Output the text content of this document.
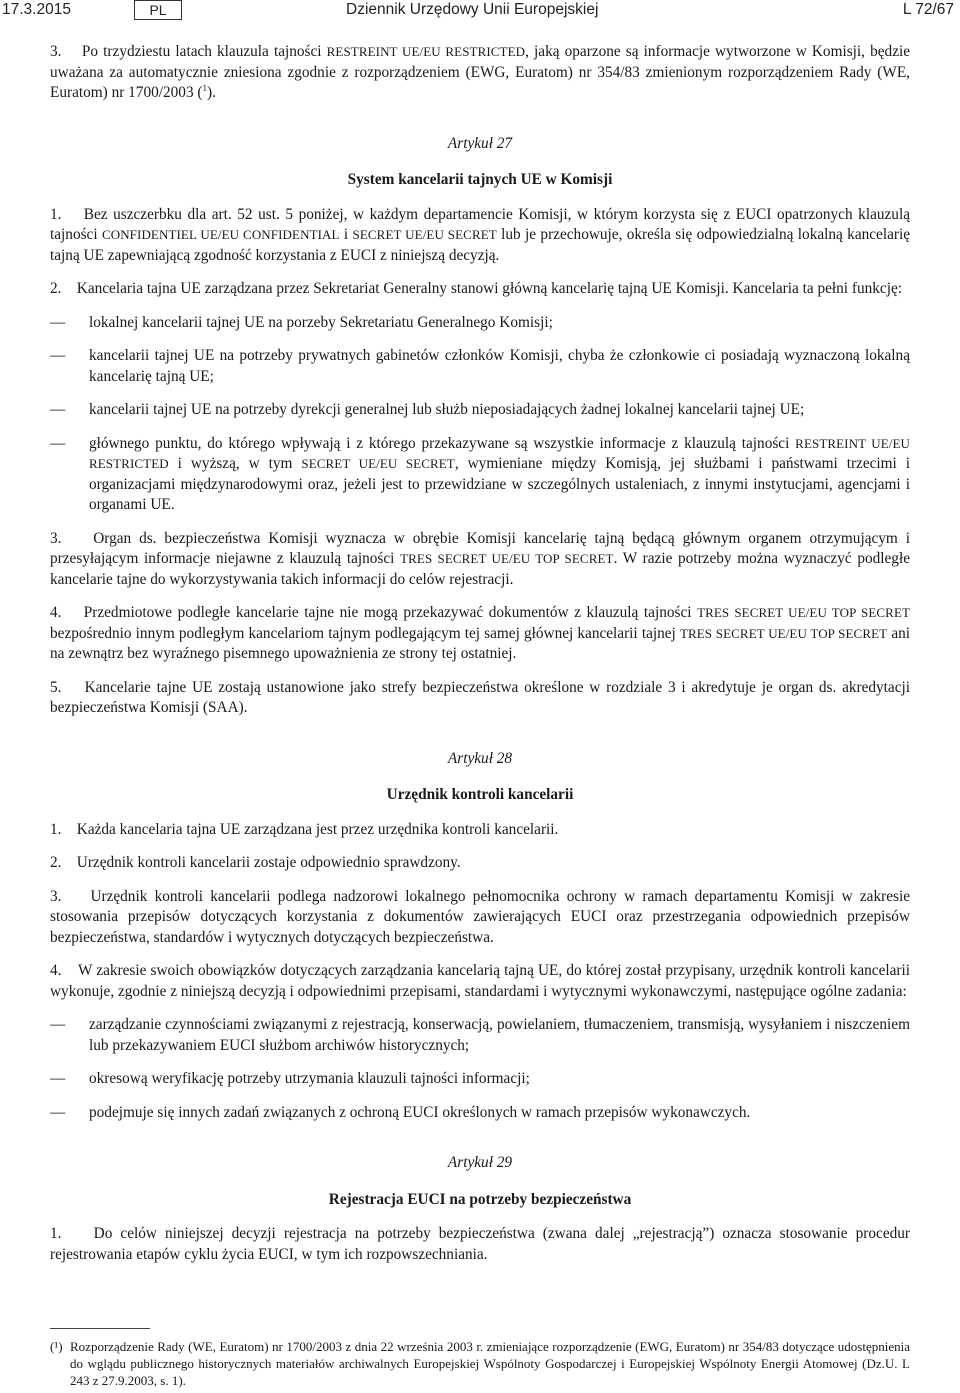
17.3.2015	PL	Dziennik Urzędowy Unii Europejskiej	L 72/67

3. Po trzydziestu latach klauzula tajności RESTREINT UE/EU RESTRICTED, jaką oparzone są informacje wytworzone w Komisji, będzie uważana za automatycznie zniesiona zgodnie z rozporządzeniem (EWG, Euratom) nr 354/83 zmienionym rozporządzeniem Rady (WE, Euratom) nr 1700/2003 ($^1$).

Artykuł 27
System kancelarii tajnych UE w Komisji

1. Bez uszczerbku dla art. 52 ust. 5 poniżej, w każdym departamencie Komisji, w którym korzysta się z EUCI opatrzonych klauzulą tajności CONFIDENTIEL UE/EU CONFIDENTIAL i SECRET UE/EU SECRET lub je przechowuje, określa się odpowiedzialną lokalną kancelarię tajną UE zapewniającą zgodność korzystania z EUCI z niniejszą decyzją.

2. Kancelaria tajna UE zarządzana przez Sekretariat Generalny stanowi główną kancelarię tajną UE Komisji. Kancelaria ta pełni funkcję:

—	lokalnej kancelarii tajnej UE na porzeby Sekretariatu Generalnego Komisji;
—	kancelarii tajnej UE na potrzeby prywatnych gabinetów członków Komisji, chyba że członkowie ci posiadają wyznaczoną lokalną kancelarię tajną UE;
—	kancelarii tajnej UE na potrzeby dyrekcji generalnej lub służb nieposiadających żadnej lokalnej kancelarii tajnej UE;
—	głównego punktu, do którego wpływają i z którego przekazywane są wszystkie informacje z klauzulą tajności RESTREINT UE/EU RESTRICTED i wyższą, w tym SECRET UE/EU SECRET, wymieniane między Komisją, jej służbami i państwami trzecimi i organizacjami międzynarodowymi oraz, jeżeli jest to przewidziane w szczególnych ustaleniach, z innymi instytucjami, agencjami i organami UE.

3. Organ ds. bezpieczeństwa Komisji wyznacza w obrębie Komisji kancelarię tajną będącą głównym organem otrzymującym i przesyłającym informacje niejawne z klauzulą tajności TRES SECRET UE/EU TOP SECRET. W razie potrzeby można wyznaczyć podległe kancelarie tajne do wykorzystywania takich informacji do celów rejestracji.

4. Przedmiotowe podległe kancelarie tajne nie mogą przekazywać dokumentów z klauzulą tajności TRES SECRET UE/EU TOP SECRET bezpośrednio innym podległym kancelariom tajnym podlegającym tej samej głównej kancelarii tajnej TRES SECRET UE/EU TOP SECRET ani na zewnątrz bez wyraźnego pisemnego upoważnienia ze strony tej ostatniej.

5. Kancelarie tajne UE zostają ustanowione jako strefy bezpieczeństwa określone w rozdziale 3 i akredytuje je organ ds. akredytacji bezpieczeństwa Komisji (SAA).

Artykuł 28
Urzędnik kontroli kancelarii

1. Każda kancelaria tajna UE zarządzana jest przez urzędnika kontroli kancelarii.

2. Urzędnik kontroli kancelarii zostaje odpowiednio sprawdzony.

3. Urzędnik kontroli kancelarii podlega nadzorowi lokalnego pełnomocnika ochrony w ramach departamentu Komisji w zakresie stosowania przepisów dotyczących korzystania z dokumentów zawierających EUCI oraz przestrzegania odpowiednich przepisów bezpieczeństwa, standardów i wytycznych dotyczących bezpieczeństwa.

4. W zakresie swoich obowiązków dotyczących zarządzania kancelarią tajną UE, do której został przypisany, urzędnik kontroli kancelarii wykonuje, zgodnie z niniejszą decyzją i odpowiednimi przepisami, standardami i wytycznymi wykonawczymi, następujące ogólne zadania:

—	zarządzanie czynnościami związanymi z rejestracją, konserwacją, powielaniem, tłumaczeniem, transmisją, wysyłaniem i niszczeniem lub przekazywaniem EUCI służbom archiwów historycznych;
—	okresową weryfikację potrzeby utrzymania klauzuli tajności informacji;
—	podejmuje się innych zadań związanych z ochroną EUCI określonych w ramach przepisów wykonawczych.
Artykuł 29
Rejestracja EUCI na potrzeby bezpieczeństwa

1. Do celów niniejszej decyzji rejestracja na potrzeby bezpieczeństwa (zwana dalej „rejestracją”) oznacza stosowanie procedur rejestrowania etapów cyklu życia EUCI, w tym ich rozpowszechniania.

(¹) Rozporządzenie Rady (WE, Euratom) nr 1700/2003 z dnia 22 września 2003 r. zmieniające rozporządzenie (EWG, Euratom) nr 354/83 dotyczące udostępnienia do wglądu publicznego historycznych materiałów archiwalnych Europejskiej Wspólnoty Gospodarczej i Europejskiej Wspólnoty Energii Atomowej (Dz.U. L 243 z 27.9.2003, s. 1).
